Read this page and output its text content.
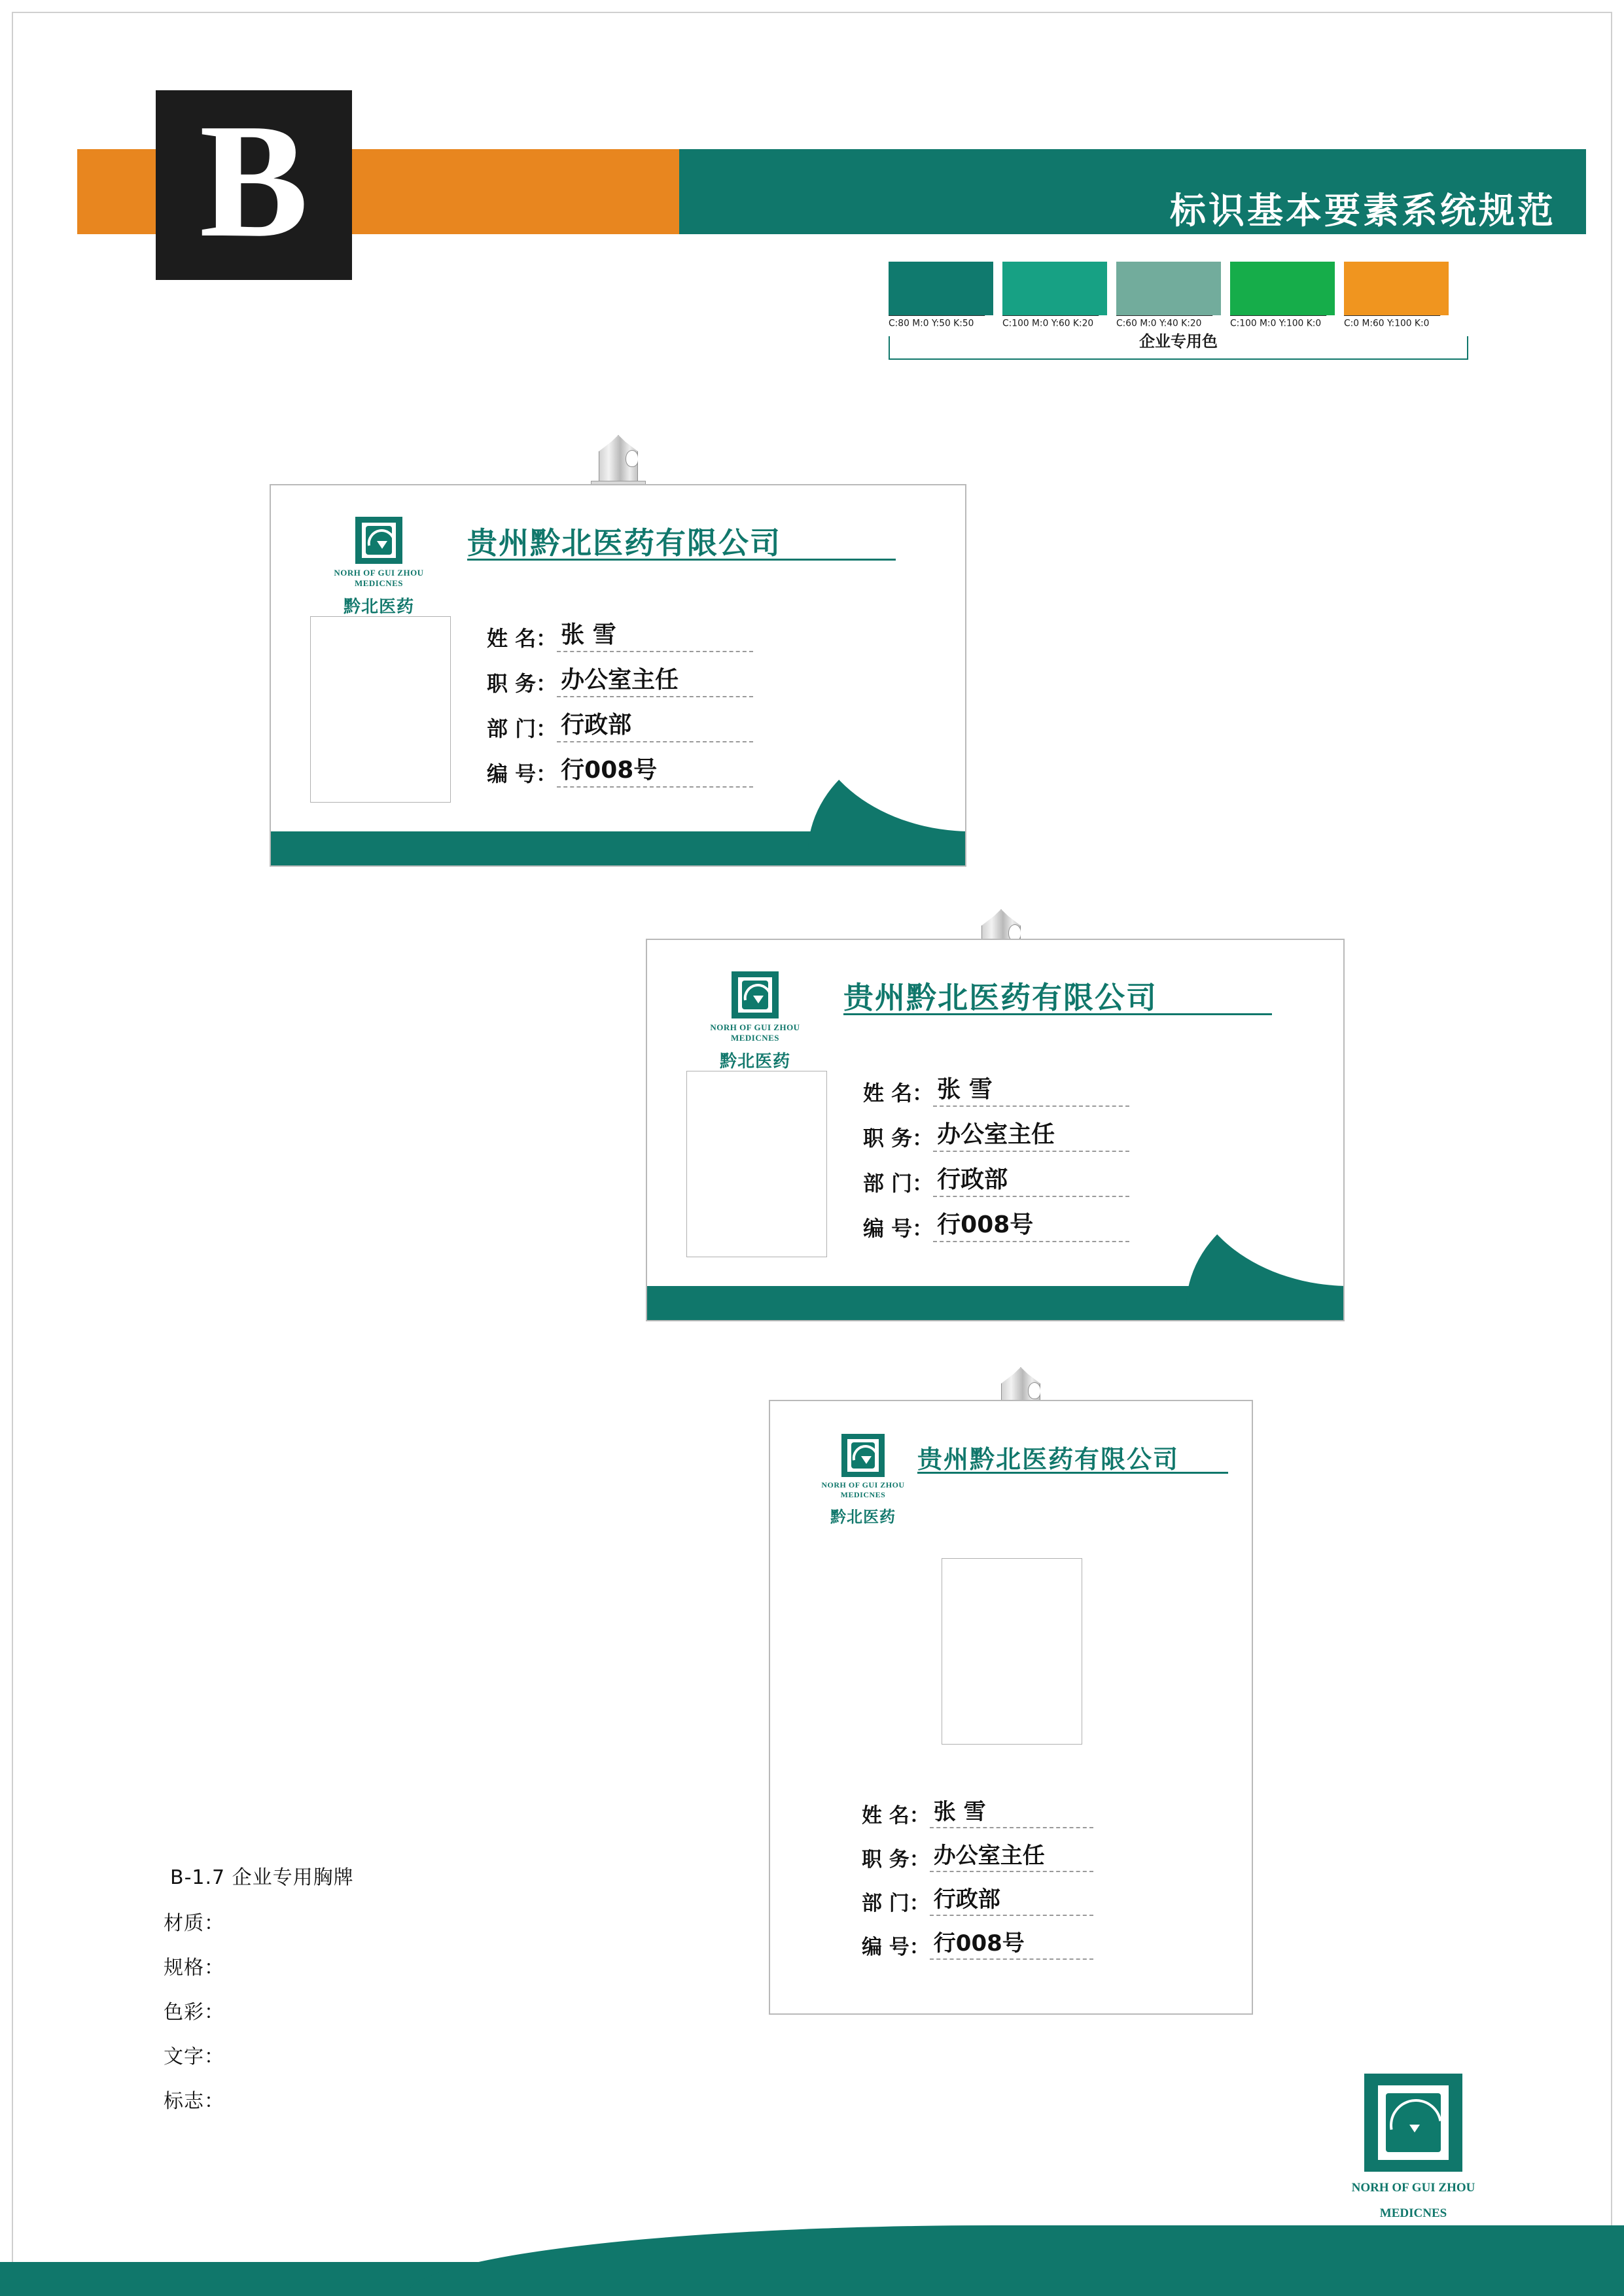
标识基本要素系统规范
B
C:80 M:0 Y:50 K:50	C:100 M:0 Y:60 K:20	C:60 M:0 Y:40 K:20	C:100 M:0 Y:100 K:0	C:0 M:60 Y:100 K:0
企业专用色
NORH OF GUI ZHOU
MEDICNES
黔北医药
贵州黔北医药有限公司
姓 名： 张 雪
职 务： 办公室主任
部 门： 行政部
编 号： 行008号
NORH OF GUI ZHOU
MEDICNES
黔北医药
贵州黔北医药有限公司
姓 名： 张 雪
职 务： 办公室主任
部 门： 行政部
编 号： 行008号
NORH OF GUI ZHOU
MEDICNES
黔北医药
贵州黔北医药有限公司
姓 名： 张 雪
职 务： 办公室主任
部 门： 行政部
编 号： 行008号
B-1.7 企业专用胸牌
材质：
规格：
色彩：
文字：
标志：
NORH OF GUI ZHOU
MEDICNES
